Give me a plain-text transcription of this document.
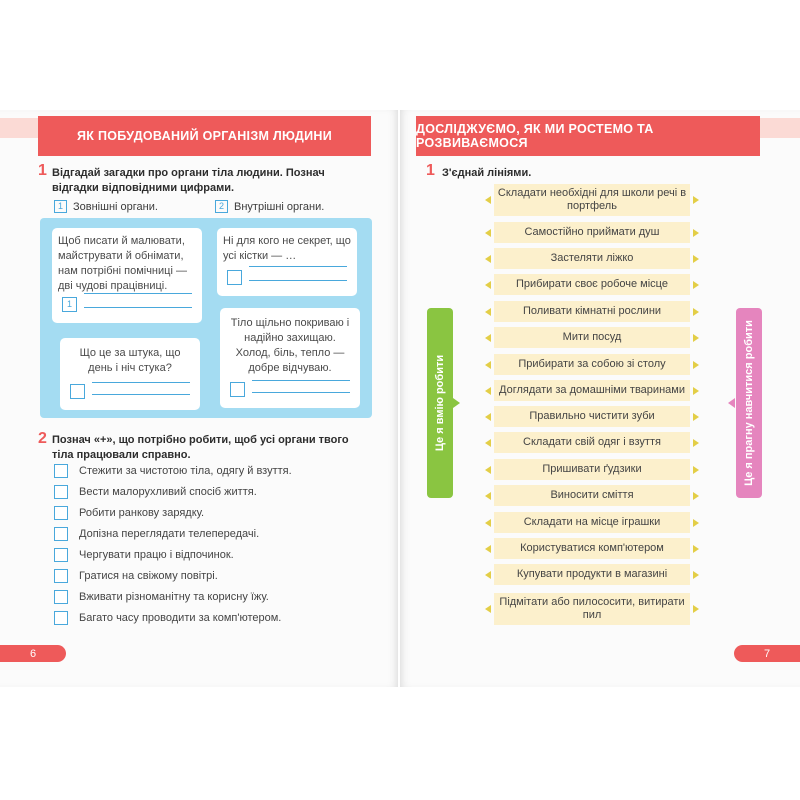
ЯК ПОБУДОВАНИЙ ОРГАНІЗМ ЛЮДИНИ
1 Відгадай загадки про органи тіла людини. Познач відгадки відповідними цифрами.
1 Зовнішні органи.	2 Внутрішні органи.
Щоб писати й малювати, майструвати й обнімати, нам потрібні помічниці — дві чудові працівниці.
1
Ні для кого не секрет, що усі кістки — …
Що це за штука, що день і ніч стука?
Тіло щільно покриваю і надійно захищаю. Холод, біль, тепло — добре відчуваю.
2 Познач «+», що потрібно робити, щоб усі органи твого тіла працювали справно.
Стежити за чистотою тіла, одягу й взуття.
Вести малорухливий спосіб життя.
Робити ранкову зарядку.
Допізна переглядати телепередачі.
Чергувати працю і відпочинок.
Гратися на свіжому повітрі.
Вживати різноманітну та корисну їжу.
Багато часу проводити за комп'ютером.
6
ДОСЛІДЖУЄМО, ЯК МИ РОСТЕМО ТА РОЗВИВАЄМОСЯ
1 З'єднай лініями.
Це я вмію робити	Це я прагну навчитися робити
Складати необхідні для школи речі в портфель
Самостійно приймати душ
Застеляти ліжко
Прибирати своє робоче місце
Поливати кімнатні рослини
Мити посуд
Прибирати за собою зі столу
Доглядати за домашніми тваринами
Правильно чистити зуби
Складати свій одяг і взуття
Пришивати ґудзики
Виносити сміття
Складати на місце іграшки
Користуватися комп'ютером
Купувати продукти в магазині
Підмітати або пилососити, витирати пил
7
